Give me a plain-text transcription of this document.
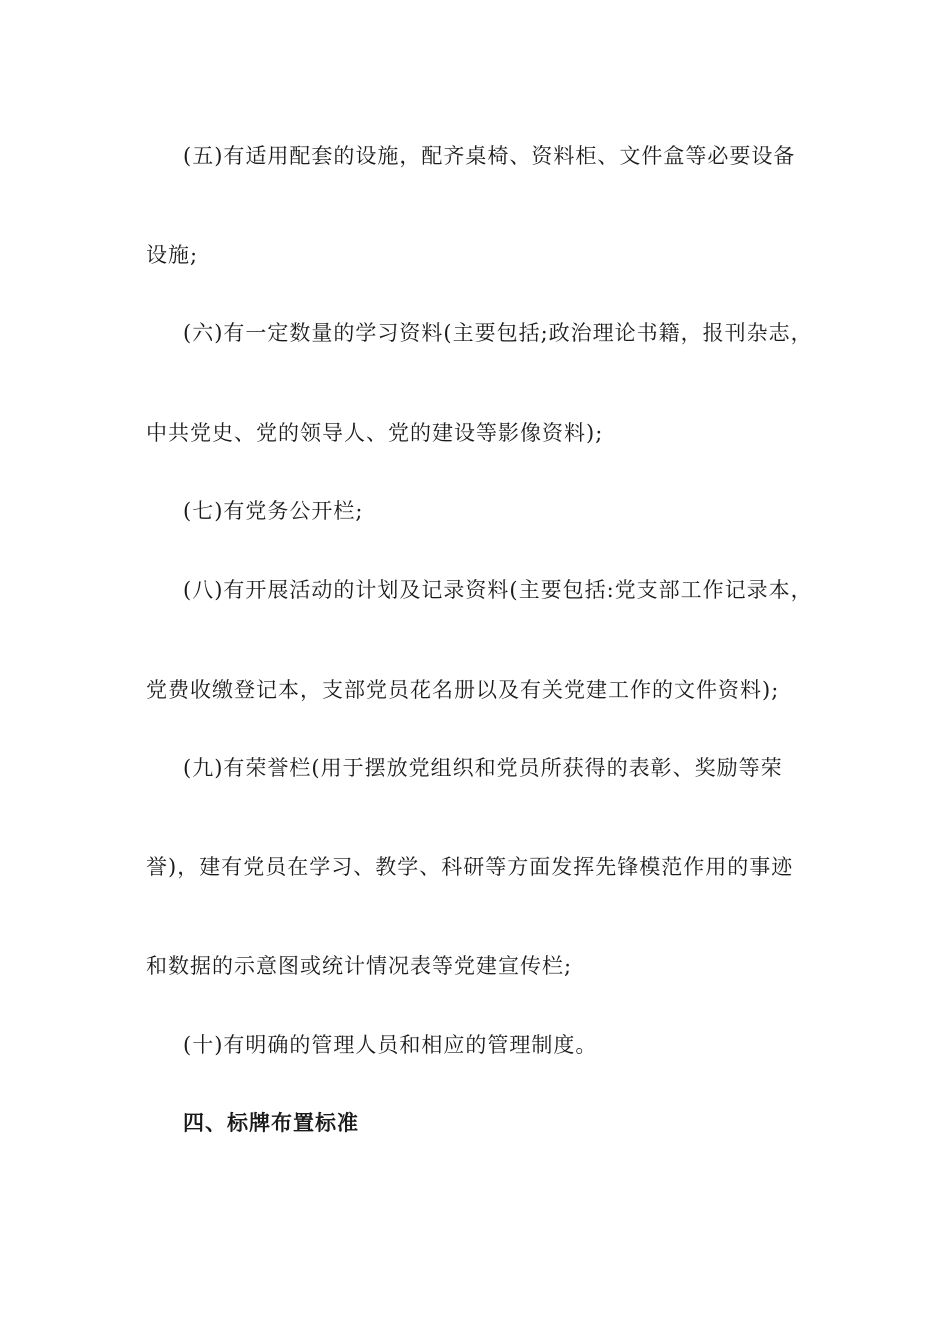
(五)有适用配套的设施，配齐桌椅、资料柜、文件盒等必要设备
设施;
(六)有一定数量的学习资料(主要包括;政治理论书籍，报刊杂志，
中共党史、党的领导人、党的建设等影像资料);
(七)有党务公开栏;
(八)有开展活动的计划及记录资料(主要包括:党支部工作记录本，
党费收缴登记本，支部党员花名册以及有关党建工作的文件资料);
(九)有荣誉栏(用于摆放党组织和党员所获得的表彰、奖励等荣
誉)，建有党员在学习、教学、科研等方面发挥先锋模范作用的事迹
和数据的示意图或统计情况表等党建宣传栏;
(十)有明确的管理人员和相应的管理制度。
四、标牌布置标准
